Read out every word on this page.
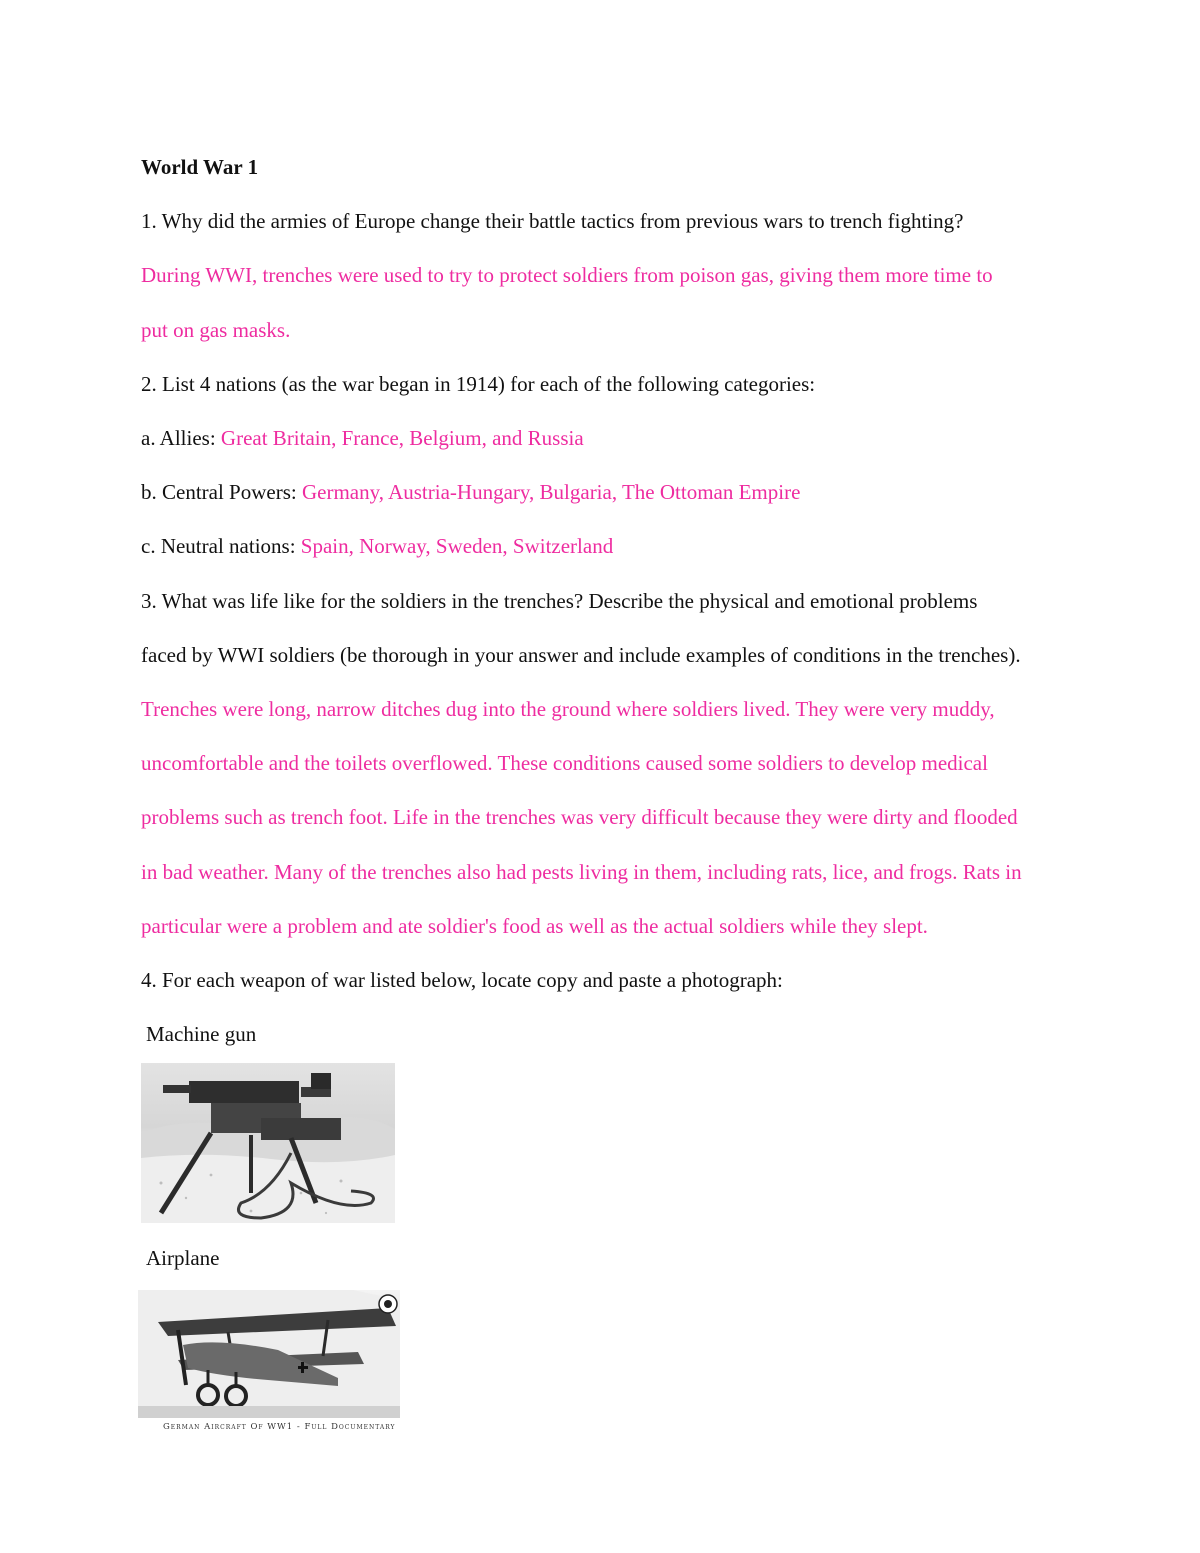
World War 1

1. Why did the armies of Europe change their battle tactics from previous wars to trench fighting? During WWI, trenches were used to try to protect soldiers from poison gas, giving them more time to put on gas masks.

2. List 4 nations (as the war began in 1914) for each of the following categories:

a. Allies: Great Britain, France, Belgium, and Russia

b. Central Powers: Germany, Austria-Hungary, Bulgaria, The Ottoman Empire

c. Neutral nations: Spain, Norway, Sweden, Switzerland

3. What was life like for the soldiers in the trenches? Describe the physical and emotional problems faced by WWI soldiers (be thorough in your answer and include examples of conditions in the trenches). Trenches were long, narrow ditches dug into the ground where soldiers lived. They were very muddy, uncomfortable and the toilets overflowed. These conditions caused some soldiers to develop medical problems such as trench foot. Life in the trenches was very difficult because they were dirty and flooded in bad weather. Many of the trenches also had pests living in them, including rats, lice, and frogs. Rats in particular were a problem and ate soldier's food as well as the actual soldiers while they slept.

4. For each weapon of war listed below, locate copy and paste a photograph:

Machine gun

Airplane

German Aircraft Of WW1 - Full Documentary
